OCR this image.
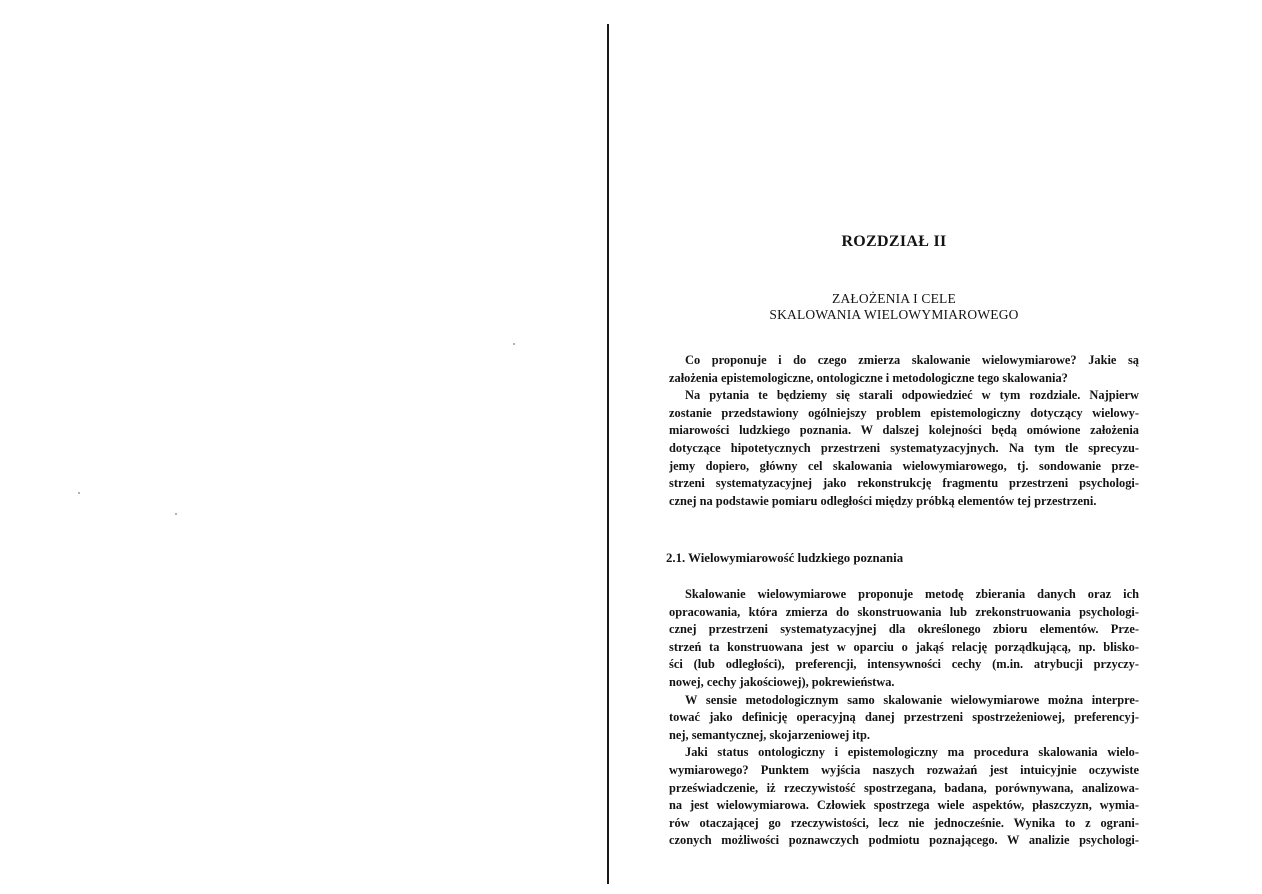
ROZDZIAŁ II
ZAŁOŻENIA I CELE
SKALOWANIA WIELOWYMIAROWEGO
Co proponuje i do czego zmierza skalowanie wielowymiarowe? Jakie są
założenia epistemologiczne, ontologiczne i metodologiczne tego skalowania?
Na pytania te będziemy się starali odpowiedzieć w tym rozdziale. Najpierw
zostanie przedstawiony ogólniejszy problem epistemologiczny dotyczący wielowy-
miarowości ludzkiego poznania. W dalszej kolejności będą omówione założenia
dotyczące hipotetycznych przestrzeni systematyzacyjnych. Na tym tle sprecyzu-
jemy dopiero, główny cel skalowania wielowymiarowego, tj. sondowanie prze-
strzeni systematyzacyjnej jako rekonstrukcję fragmentu przestrzeni psychologi-
cznej na podstawie pomiaru odległości między próbką elementów tej przestrzeni.
2.1. Wielowymiarowość ludzkiego poznania
Skalowanie wielowymiarowe proponuje metodę zbierania danych oraz ich
opracowania, która zmierza do skonstruowania lub zrekonstruowania psychologi-
cznej przestrzeni systematyzacyjnej dla określonego zbioru elementów. Prze-
strzeń ta konstruowana jest w oparciu o jakąś relację porządkującą, np. blisko-
ści (lub odległości), preferencji, intensywności cechy (m.in. atrybucji przyczy-
nowej, cechy jakościowej), pokrewieństwa.
W sensie metodologicznym samo skalowanie wielowymiarowe można interpre-
tować jako definicję operacyjną danej przestrzeni spostrzeżeniowej, preferencyj-
nej, semantycznej, skojarzeniowej itp.
Jaki status ontologiczny i epistemologiczny ma procedura skalowania wielo-
wymiarowego? Punktem wyjścia naszych rozważań jest intuicyjnie oczywiste
przeświadczenie, iż rzeczywistość spostrzegana, badana, porównywana, analizowa-
na jest wielowymiarowa. Człowiek spostrzega wiele aspektów, płaszczyzn, wymia-
rów otaczającej go rzeczywistości, lecz nie jednocześnie. Wynika to z ograni-
czonych możliwości poznawczych podmiotu poznającego. W analizie psychologi-
